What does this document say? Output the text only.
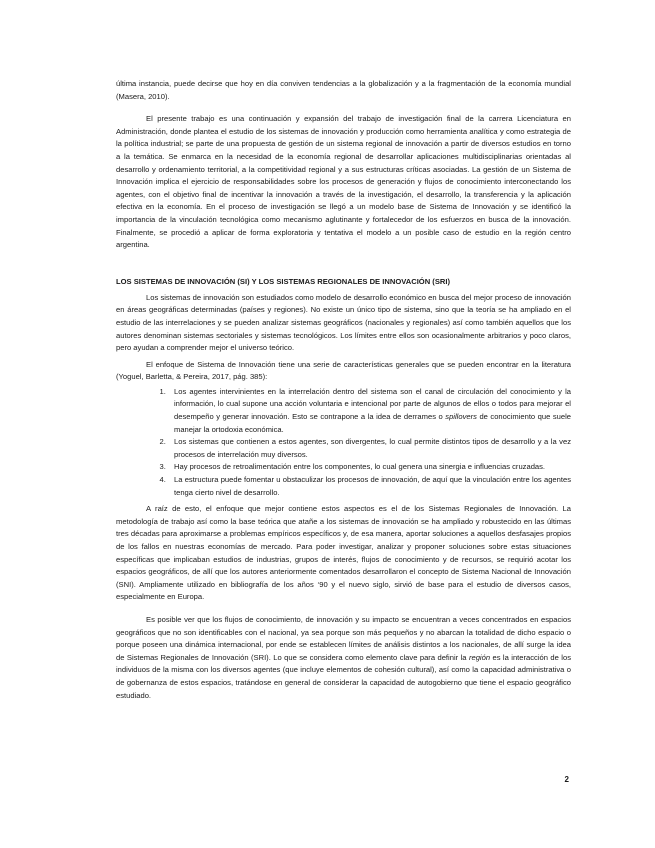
última instancia, puede decirse que hoy en día conviven tendencias a la globalización y a la fragmentación de la economía mundial (Masera, 2010).

El presente trabajo es una continuación y expansión del trabajo de investigación final de la carrera Licenciatura en Administración, donde plantea el estudio de los sistemas de innovación y producción como herramienta analítica y como estrategia de la política industrial; se parte de una propuesta de gestión de un sistema regional de innovación a partir de diversos estudios en torno a la temática. Se enmarca en la necesidad de la economía regional de desarrollar aplicaciones multidisciplinarias orientadas al desarrollo y ordenamiento territorial, a la competitividad regional y a sus estructuras críticas asociadas. La gestión de un Sistema de Innovación implica el ejercicio de responsabilidades sobre los procesos de generación y flujos de conocimiento interconectando los agentes, con el objetivo final de incentivar la innovación a través de la investigación, el desarrollo, la transferencia y la aplicación efectiva en la economía. En el proceso de investigación se llegó a un modelo base de Sistema de Innovación y se identificó la importancia de la vinculación tecnológica como mecanismo aglutinante y fortalecedor de los esfuerzos en busca de la innovación. Finalmente, se procedió a aplicar de forma exploratoria y tentativa el modelo a un posible caso de estudio en la región centro argentina.

LOS SISTEMAS DE INNOVACIÓN (SI) Y LOS SISTEMAS REGIONALES DE INNOVACIÓN (SRI)

Los sistemas de innovación son estudiados como modelo de desarrollo económico en busca del mejor proceso de innovación en áreas geográficas determinadas (países y regiones). No existe un único tipo de sistema, sino que la teoría se ha ampliado en el estudio de las interrelaciones y se pueden analizar sistemas geográficos (nacionales y regionales) así como también aquellos que los autores denominan sistemas sectoriales y sistemas tecnológicos. Los límites entre ellos son ocasionalmente arbitrarios y poco claros, pero ayudan a comprender mejor el universo teórico.

El enfoque de Sistema de Innovación tiene una serie de características generales que se pueden encontrar en la literatura (Yoguel, Barletta, & Pereira, 2017, pág. 385):

1. Los agentes intervinientes en la interrelación dentro del sistema son el canal de circulación del conocimiento y la información, lo cual supone una acción voluntaria e intencional por parte de algunos de ellos o todos para mejorar el desempeño y generar innovación. Esto se contrapone a la idea de derrames o spillovers de conocimiento que suele manejar la ortodoxia económica.
2. Los sistemas que contienen a estos agentes, son divergentes, lo cual permite distintos tipos de desarrollo y a la vez procesos de interrelación muy diversos.
3. Hay procesos de retroalimentación entre los componentes, lo cual genera una sinergia e influencias cruzadas.
4. La estructura puede fomentar u obstaculizar los procesos de innovación, de aquí que la vinculación entre los agentes tenga cierto nivel de desarrollo.

A raíz de esto, el enfoque que mejor contiene estos aspectos es el de los Sistemas Regionales de Innovación. La metodología de trabajo así como la base teórica que atañe a los sistemas de innovación se ha ampliado y robustecido en las últimas tres décadas para aproximarse a problemas empíricos específicos y, de esa manera, aportar soluciones a aquellos desfasajes propios de los fallos en nuestras economías de mercado. Para poder investigar, analizar y proponer soluciones sobre estas situaciones específicas que implicaban estudios de industrias, grupos de interés, flujos de conocimiento y de recursos, se requirió acotar los espacios geográficos, de allí que los autores anteriormente comentados desarrollaron el concepto de Sistema Nacional de Innovación (SNI). Ampliamente utilizado en bibliografía de los años ‘90 y el nuevo siglo, sirvió de base para el estudio de diversos casos, especialmente en Europa.

Es posible ver que los flujos de conocimiento, de innovación y su impacto se encuentran a veces concentrados en espacios geográficos que no son identificables con el nacional, ya sea porque son más pequeños y no abarcan la totalidad de dicho espacio o porque poseen una dinámica internacional, por ende se establecen límites de análisis distintos a los nacionales, de allí surge la idea de Sistemas Regionales de Innovación (SRI). Lo que se considera como elemento clave para definir la región es la interacción de los individuos de la misma con los diversos agentes (que incluye elementos de cohesión cultural), así como la capacidad administrativa o de gobernanza de estos espacios, tratándose en general de considerar la capacidad de autogobierno que tiene el espacio geográfico estudiado.

2
